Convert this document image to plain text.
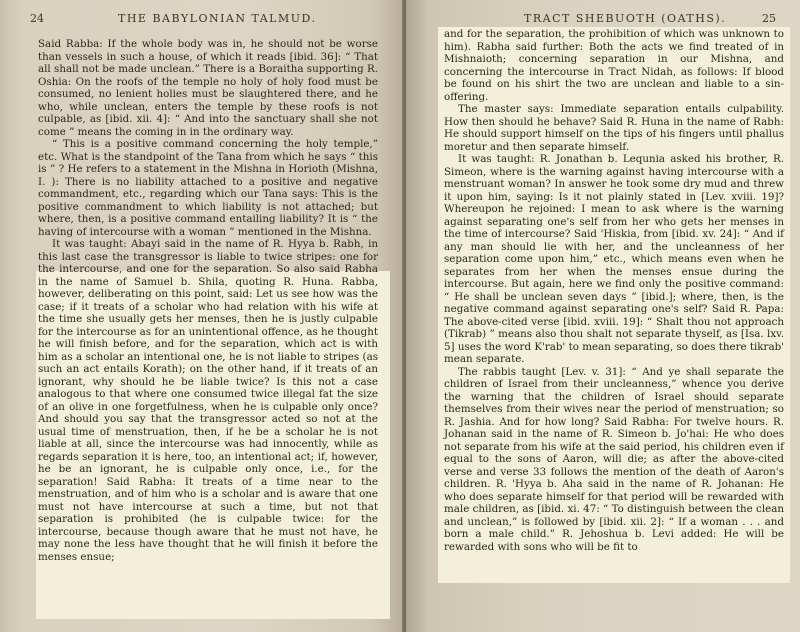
24	THE BABYLONIAN TALMUD.

Said Rabba: If the whole body was in, he should not be worse than vessels in such a house, of which it reads [ibid. 36]: “ That all shall not be made unclean.” There is a Boraitha supporting R. Oshia: On the roofs of the temple no holy of holy food must be consumed, no lenient holies must be slaughtered there, and he who, while unclean, enters the temple by these roofs is not culpable, as [ibid. xii. 4]: “ And into the sanctuary shall she not come ” means the coming in in the ordinary way.

“ This is a positive command concerning the holy temple,” etc. What is the standpoint of the Tana from which he says “ this is ” ? He refers to a statement in the Mishna in Horioth (Mishna, I. ): There is no liability attached to a positive and negative commandment, etc., regarding which our Tana says: This is the positive commandment to which liability is not attached; but where, then, is a positive command entailing liability? It is “ the having of intercourse with a woman ” mentioned in the Mishna.

It was taught: Abayi said in the name of R. Hyya b. Rabh, in this last case the transgressor is liable to twice stripes: one for the intercourse, and one for the separation. So also said Rabha in the name of Samuel b. Shila, quoting R. Huna. Rabba, however, deliberating on this point, said: Let us see how was the case; if it treats of a scholar who had relation with his wife at the time she usually gets her menses, then he is justly culpable for the intercourse as for an unintentional offence, as he thought he will finish before, and for the separation, which act is with him as a scholar an intentional one, he is not liable to stripes (as such an act entails Korath); on the other hand, if it treats of an ignorant, why should he be liable twice? Is this not a case analogous to that where one consumed twice illegal fat the size of an olive in one forgetfulness, when he is culpable only once? And should you say that the transgressor acted so not at the usual time of menstruation, then, if he be a scholar he is not liable at all, since the intercourse was had innocently, while as regards separation it is here, too, an intentional act; if, however, he be an ignorant, he is culpable only once, i.e., for the separation! Said Rabha: It treats of a time near to the menstruation, and of him who is a scholar and is aware that one must not have intercourse at such a time, but not that separation is prohibited (he is culpable twice: for the intercourse, because though aware that he must not have, he may none the less have thought that he will finish it before the menses ensue;

TRACT SHEBUOTH (OATHS).	25

and for the separation, the prohibition of which was unknown to him). Rabha said further: Both the acts we find treated of in Mishnaioth; concerning separation in our Mishna, and concerning the intercourse in Tract Nidah, as follows: If blood be found on his shirt the two are unclean and liable to a sin-offering.

The master says: Immediate separation entails culpability. How then should he behave? Said R. Huna in the name of Rabh: He should support himself on the tips of his fingers until phallus moretur and then separate himself.

It was taught: R. Jonathan b. Lequnia asked his brother, R. Simeon, where is the warning against having intercourse with a menstruant woman? In answer he took some dry mud and threw it upon him, saying: Is it not plainly stated in [Lev. xviii. 19]? Whereupon he rejoined: I mean to ask where is the warning against separating one's self from her who gets her menses in the time of intercourse? Said 'Hiskia, from [ibid. xv. 24]: “ And if any man should lie with her, and the uncleanness of her separation come upon him,” etc., which means even when he separates from her when the menses ensue during the intercourse. But again, here we find only the positive command: “ He shall be unclean seven days ” [ibid.]; where, then, is the negative command against separating one's self? Said R. Papa: The above-cited verse [ibid. xviii. 19]: “ Shalt thou not approach (Tikrab) ” means also thou shalt not separate thyself, as [Isa. lxv. 5] uses the word K'rab' to mean separating, so does there tikrab' mean separate.

The rabbis taught [Lev. v. 31]: “ And ye shall separate the children of Israel from their uncleanness,” whence you derive the warning that the children of Israel should separate themselves from their wives near the period of menstruation; so R. Jashia. And for how long? Said Rabha: For twelve hours. R. Johanan said in the name of R. Simeon b. Jo'hai: He who does not separate from his wife at the said period, his children even if equal to the sons of Aaron, will die; as after the above-cited verse and verse 33 follows the mention of the death of Aaron's children. R. 'Hyya b. Aha said in the name of R. Johanan: He who does separate himself for that period will be rewarded with male children, as [ibid. xi. 47: “ To distinguish between the clean and unclean,” is followed by [ibid. xii. 2]: “ If a woman . . . and born a male child.” R. Jehoshua b. Levi added: He will be rewarded with sons who will be fit to
